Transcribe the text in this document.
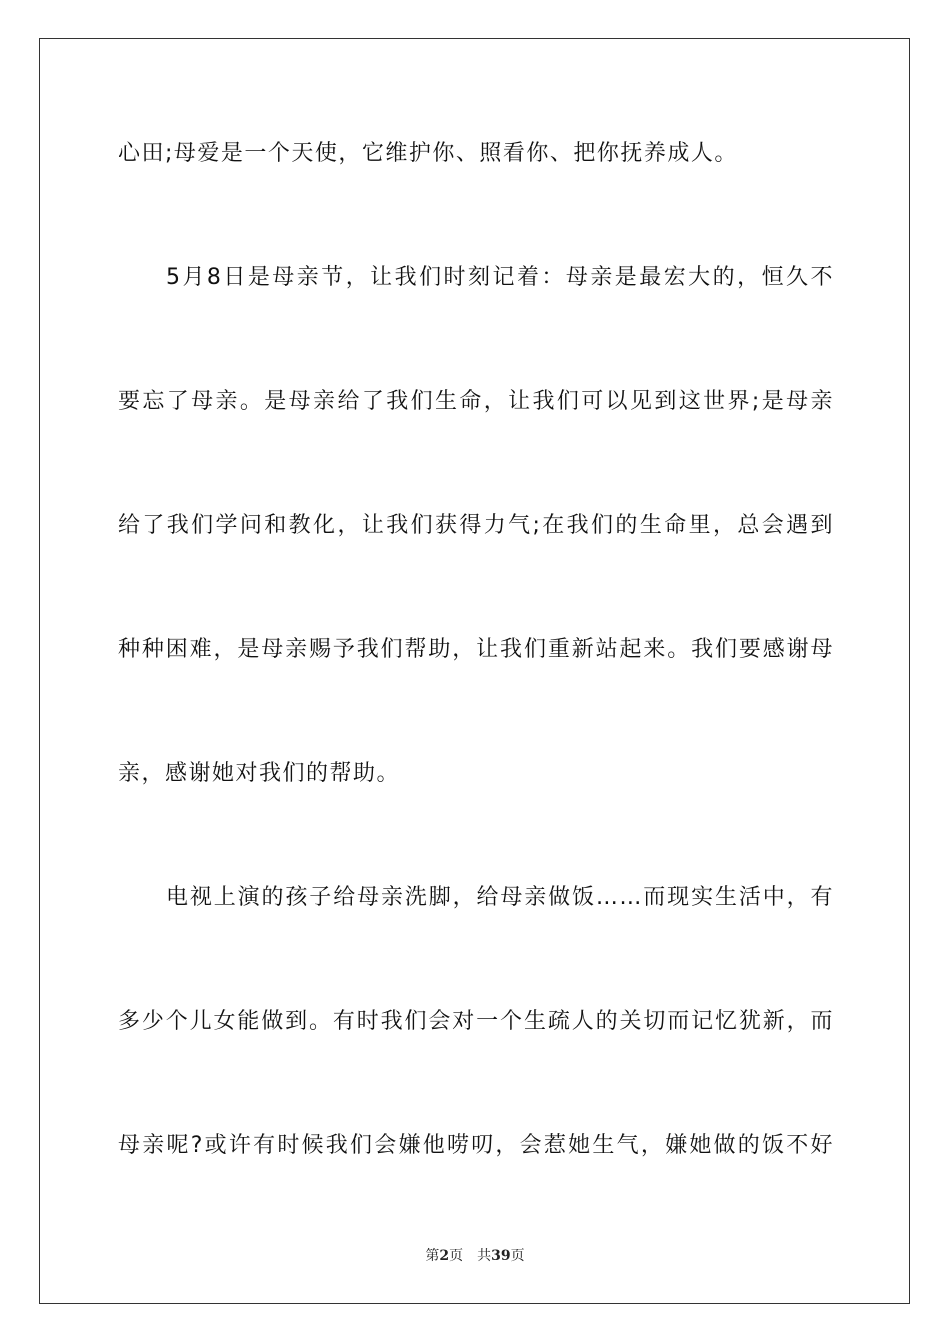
心田;母爱是一个天使，它维护你、照看你、把你抚养成人。
5月8日是母亲节，让我们时刻记着：母亲是最宏大的，恒久不
要忘了母亲。是母亲给了我们生命，让我们可以见到这世界;是母亲
给了我们学问和教化，让我们获得力气;在我们的生命里，总会遇到
种种困难，是母亲赐予我们帮助，让我们重新站起来。我们要感谢母
亲，感谢她对我们的帮助。
电视上演的孩子给母亲洗脚，给母亲做饭……而现实生活中，有
多少个儿女能做到。有时我们会对一个生疏人的关切而记忆犹新，而
母亲呢?或许有时候我们会嫌他唠叨，会惹她生气，嫌她做的饭不好
第2页 共39页
